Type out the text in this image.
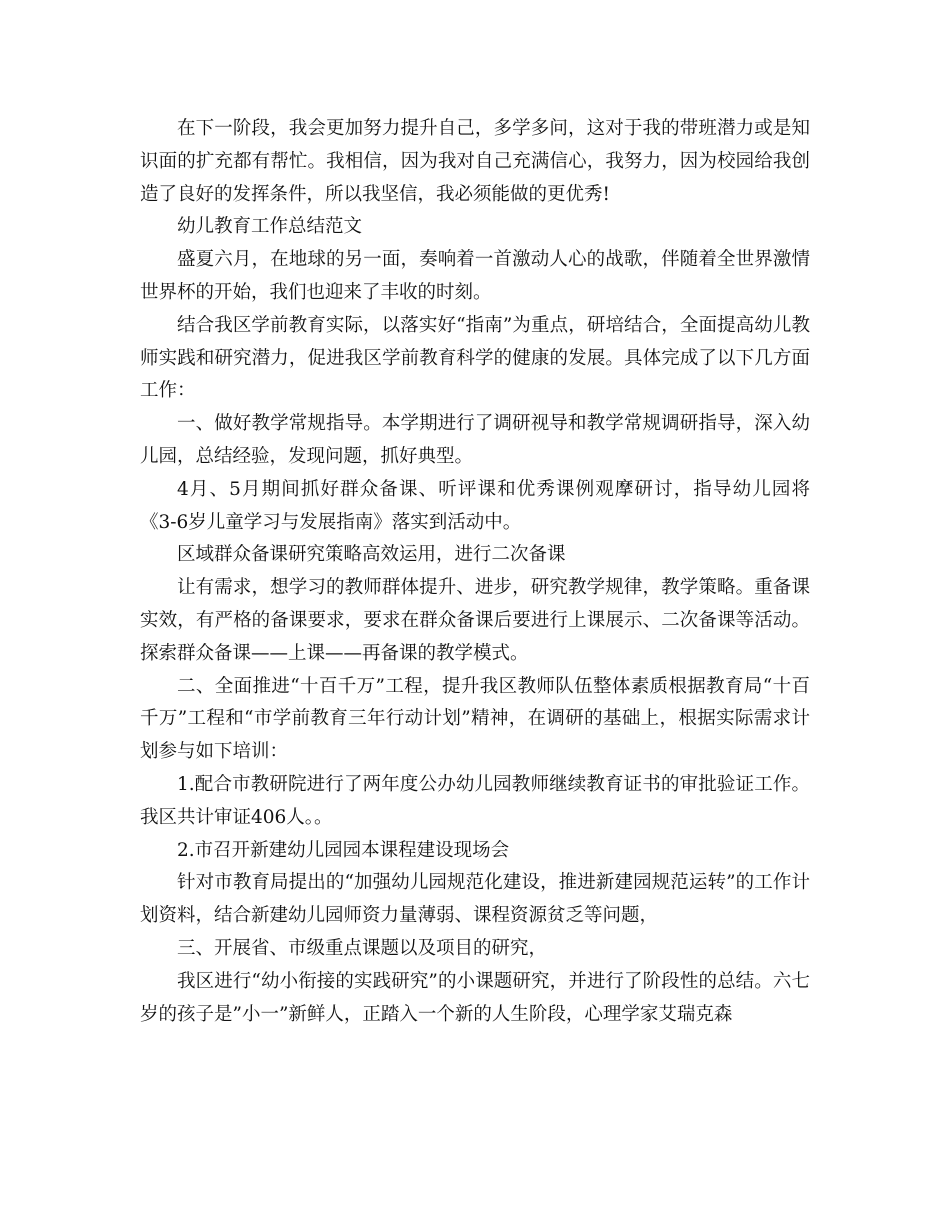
在下一阶段，我会更加努力提升自己，多学多问，这对于我的带班潜力或是知识面的扩充都有帮忙。我相信，因为我对自己充满信心，我努力，因为校园给我创造了良好的发挥条件，所以我坚信，我必须能做的更优秀!

幼儿教育工作总结范文

盛夏六月，在地球的另一面，奏响着一首激动人心的战歌，伴随着全世界激情世界杯的开始，我们也迎来了丰收的时刻。

结合我区学前教育实际，以落实好“指南”为重点，研培结合，全面提高幼儿教师实践和研究潜力，促进我区学前教育科学的健康的发展。具体完成了以下几方面工作：

一、做好教学常规指导。本学期进行了调研视导和教学常规调研指导，深入幼儿园，总结经验，发现问题，抓好典型。

4月、5月期间抓好群众备课、听评课和优秀课例观摩研讨，指导幼儿园将《3-6岁儿童学习与发展指南》落实到活动中。

区域群众备课研究策略高效运用，进行二次备课

让有需求，想学习的教师群体提升、进步，研究教学规律，教学策略。重备课实效，有严格的备课要求，要求在群众备课后要进行上课展示、二次备课等活动。探索群众备课——上课——再备课的教学模式。

二、全面推进“十百千万”工程，提升我区教师队伍整体素质根据教育局“十百千万”工程和“市学前教育三年行动计划”精神，在调研的基础上，根据实际需求计划参与如下培训：

1.配合市教研院进行了两年度公办幼儿园教师继续教育证书的审批验证工作。我区共计审证406人。。

2.市召开新建幼儿园园本课程建设现场会

针对市教育局提出的“加强幼儿园规范化建设，推进新建园规范运转”的工作计划资料，结合新建幼儿园师资力量薄弱、课程资源贫乏等问题，

三、开展省、市级重点课题以及项目的研究，

我区进行“幼小衔接的实践研究”的小课题研究，并进行了阶段性的总结。六七岁的孩子是”小一”新鲜人，正踏入一个新的人生阶段，心理学家艾瑞克森
